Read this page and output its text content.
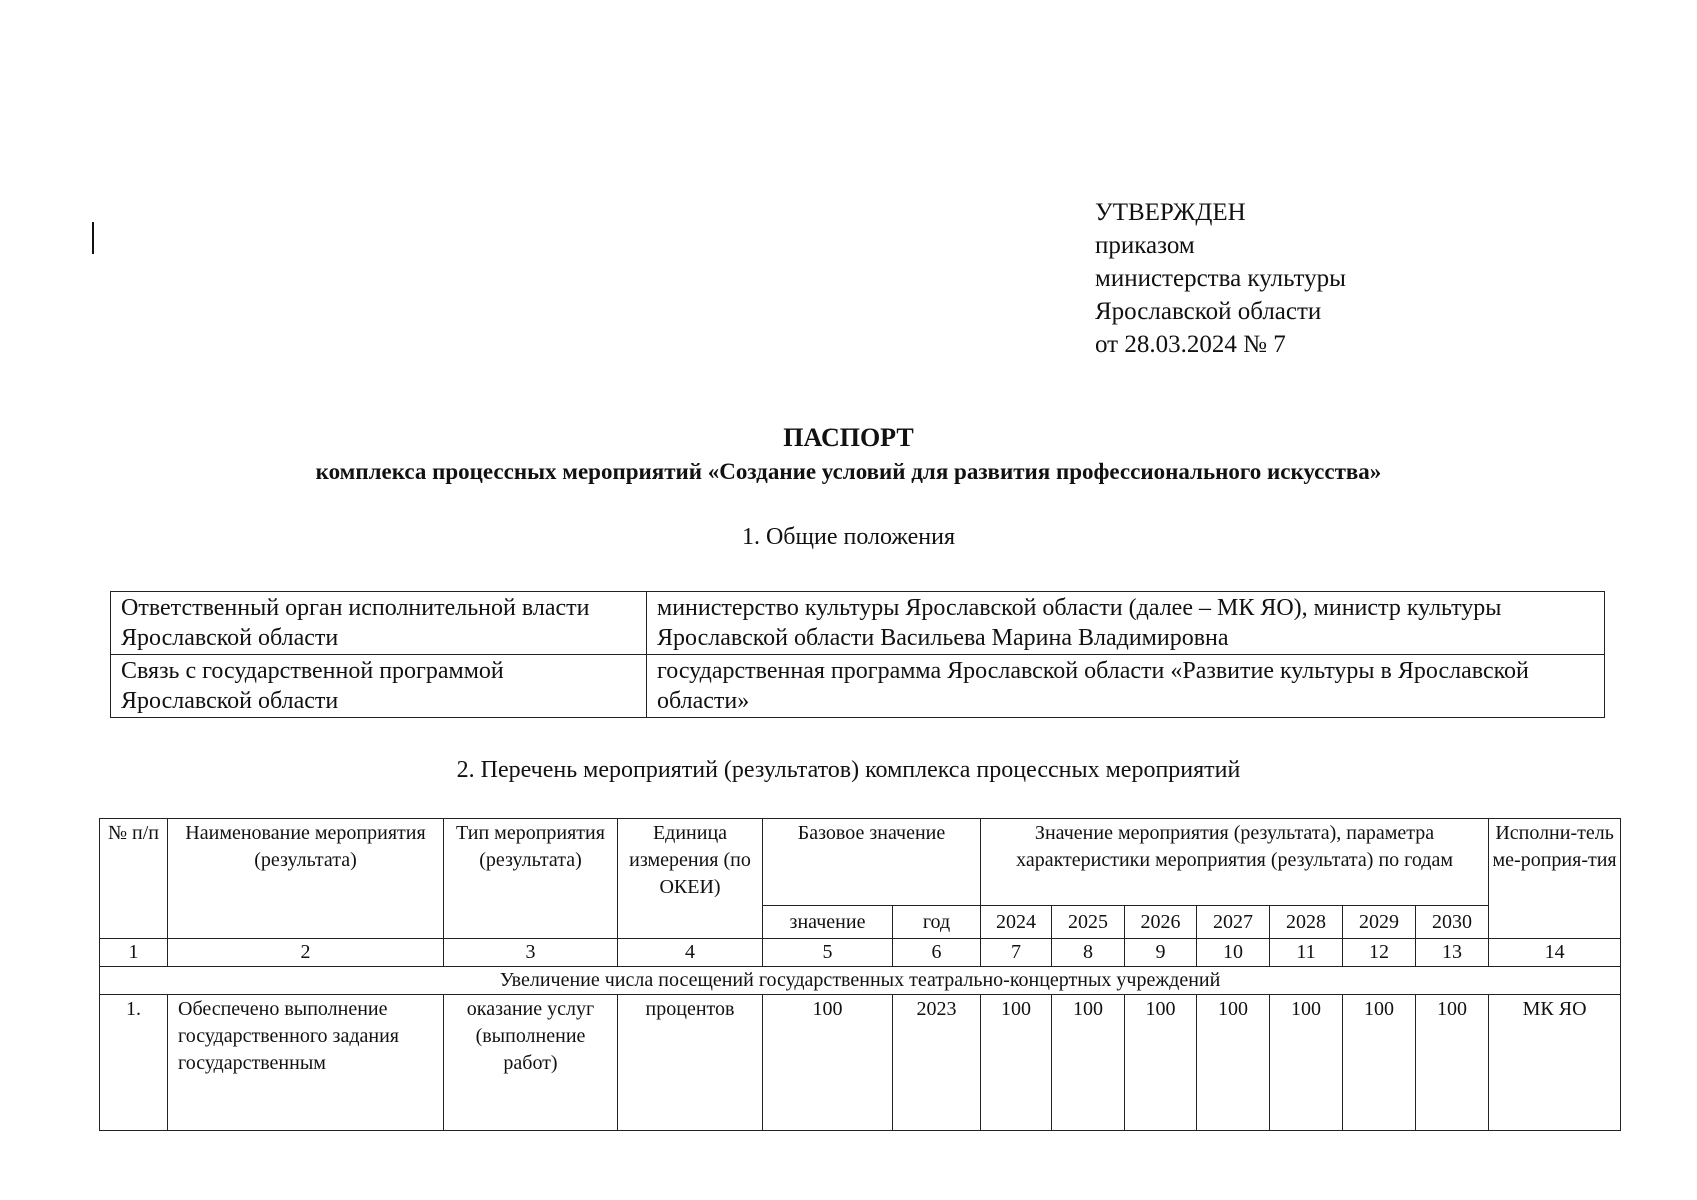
УТВЕРЖДЕН
приказом
министерства культуры
Ярославской области
от 28.03.2024 № 7
ПАСПОРТ
комплекса процессных мероприятий «Создание условий для развития профессионального искусства»
1. Общие положения
Ответственный орган исполнительной власти Ярославской области	министерство культуры Ярославской области (далее – МК ЯО), министр культуры Ярославской области Васильева Марина Владимировна
Связь с государственной программой Ярославской области	государственная программа Ярославской области «Развитие культуры в Ярославской области»
2. Перечень мероприятий (результатов) комплекса процессных мероприятий
№ п/п	Наименование мероприятия (результата)	Тип мероприятия (результата)	Единица измерения (по ОКЕИ)	Базовое значение		Значение мероприятия (результата), параметра характеристики мероприятия (результата) по годам							Исполни-тель ме-роприя-тия
				значение	год	2024	2025	2026	2027	2028	2029	2030	
1	2	3	4	5	6	7	8	9	10	11	12	13	14
Увеличение числа посещений государственных театрально-концертных учреждений													
1.	Обеспечено выполнение государственного задания государственным	оказание услуг (выполнение работ)	процентов	100	2023	100	100	100	100	100	100	100	МК ЯО
